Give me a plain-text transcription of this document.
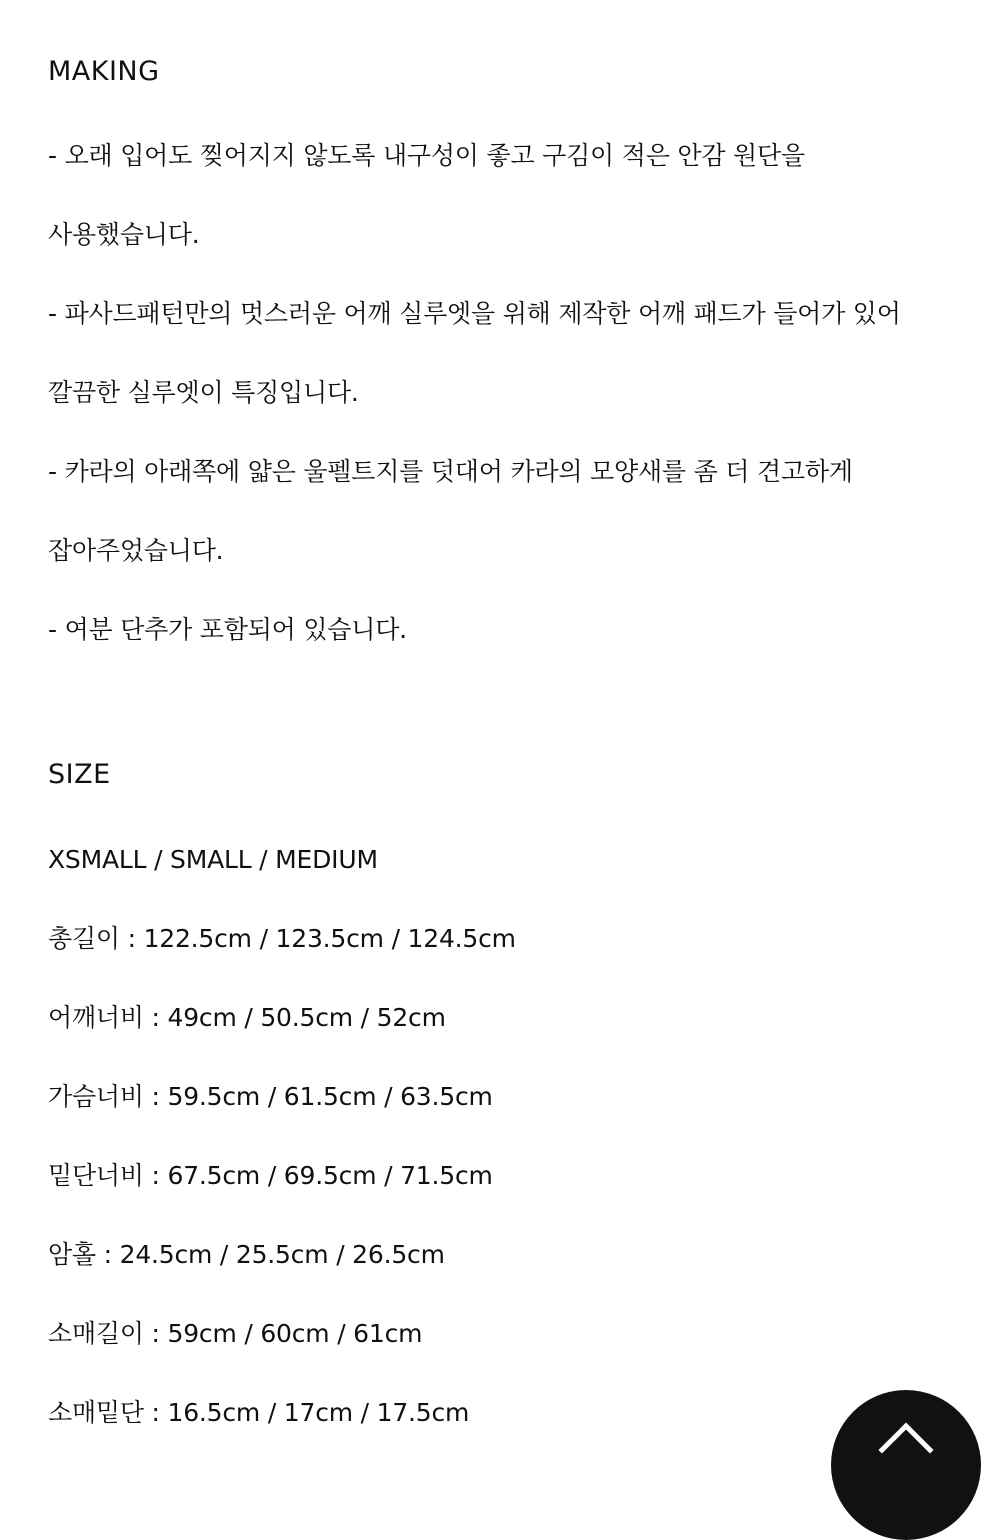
MAKING

- 오래 입어도 찢어지지 않도록 내구성이 좋고 구김이 적은 안감 원단을 사용했습니다.

- 파사드패턴만의 멋스러운 어깨 실루엣을 위해 제작한 어깨 패드가 들어가 있어 깔끔한 실루엣이 특징입니다.

- 카라의 아래쪽에 얇은 울펠트지를 덧대어 카라의 모양새를 좀 더 견고하게 잡아주었습니다.

- 여분 단추가 포함되어 있습니다.

SIZE

XSMALL / SMALL / MEDIUM

총길이 : 122.5cm / 123.5cm / 124.5cm

어깨너비 : 49cm / 50.5cm / 52cm

가슴너비 : 59.5cm / 61.5cm / 63.5cm

밑단너비 : 67.5cm / 69.5cm / 71.5cm

암홀 : 24.5cm / 25.5cm / 26.5cm

소매길이 : 59cm / 60cm / 61cm

소매밑단 : 16.5cm / 17cm / 17.5cm
